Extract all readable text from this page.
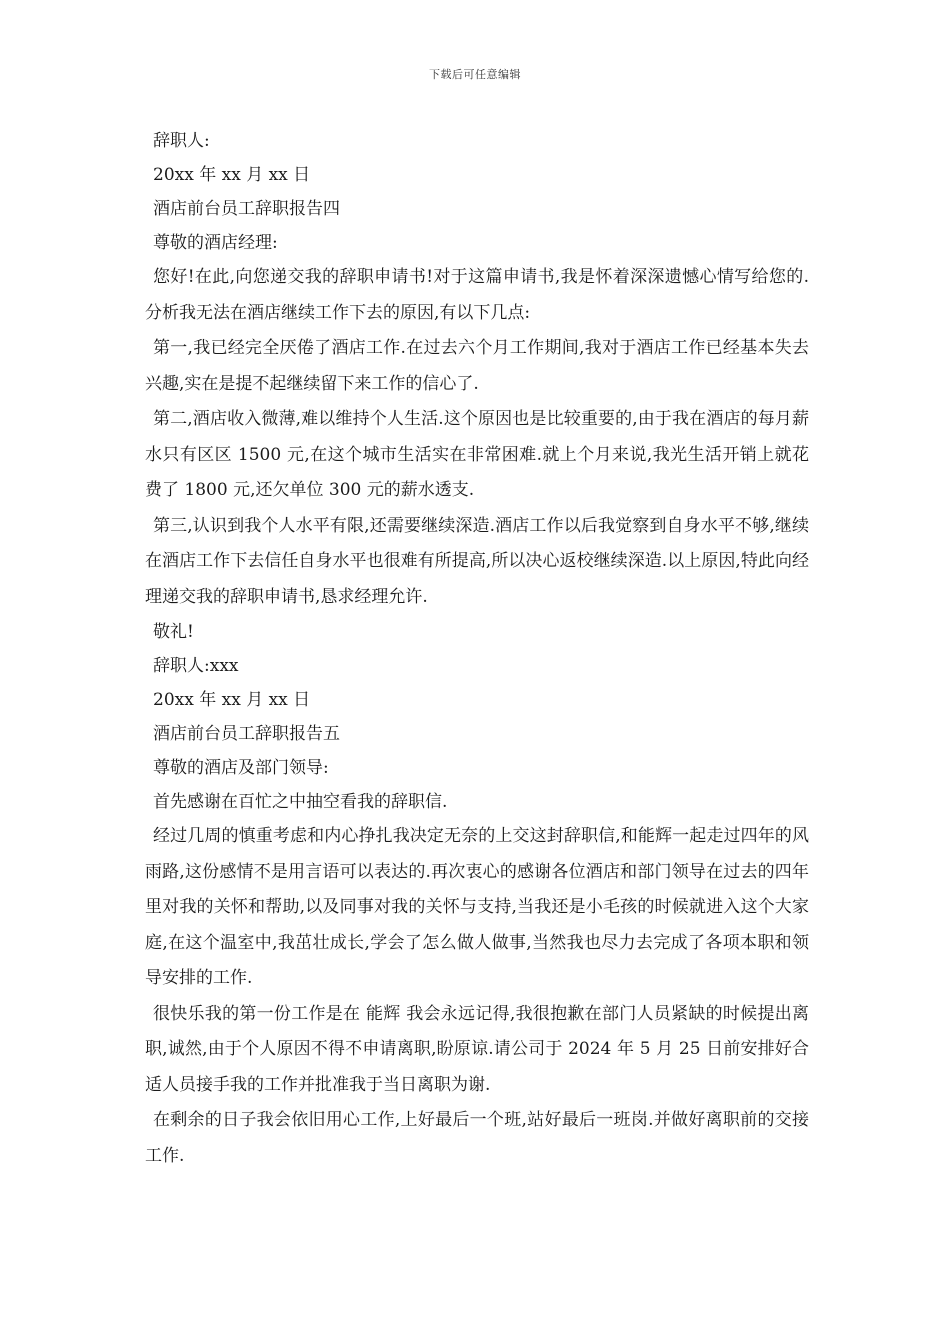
下载后可任意编辑

辞职人:

20xx 年 xx 月 xx 日

酒店前台员工辞职报告四

尊敬的酒店经理:

您好!在此,向您递交我的辞职申请书!对于这篇申请书,我是怀着深深遗憾心情写给您的.分析我无法在酒店继续工作下去的原因,有以下几点:

第一,我已经完全厌倦了酒店工作.在过去六个月工作期间,我对于酒店工作已经基本失去兴趣,实在是提不起继续留下来工作的信心了.

第二,酒店收入微薄,难以维持个人生活.这个原因也是比较重要的,由于我在酒店的每月薪水只有区区 1500 元,在这个城市生活实在非常困难.就上个月来说,我光生活开销上就花费了 1800 元,还欠单位 300 元的薪水透支.

第三,认识到我个人水平有限,还需要继续深造.酒店工作以后我觉察到自身水平不够,继续在酒店工作下去信任自身水平也很难有所提高,所以决心返校继续深造.以上原因,特此向经理递交我的辞职申请书,恳求经理允许.

敬礼!

辞职人:xxx

20xx 年 xx 月 xx 日

酒店前台员工辞职报告五

尊敬的酒店及部门领导:

首先感谢在百忙之中抽空看我的辞职信.

经过几周的慎重考虑和内心挣扎我决定无奈的上交这封辞职信,和能辉一起走过四年的风雨路,这份感情不是用言语可以表达的.再次衷心的感谢各位酒店和部门领导在过去的四年里对我的关怀和帮助,以及同事对我的关怀与支持,当我还是小毛孩的时候就进入这个大家庭,在这个温室中,我茁壮成长,学会了怎么做人做事,当然我也尽力去完成了各项本职和领导安排的工作.

很快乐我的第一份工作是在 能辉 我会永远记得,我很抱歉在部门人员紧缺的时候提出离职,诚然,由于个人原因不得不申请离职,盼原谅.请公司于 2024 年 5 月 25 日前安排好合适人员接手我的工作并批准我于当日离职为谢.

在剩余的日子我会依旧用心工作,上好最后一个班,站好最后一班岗.并做好离职前的交接工作.
